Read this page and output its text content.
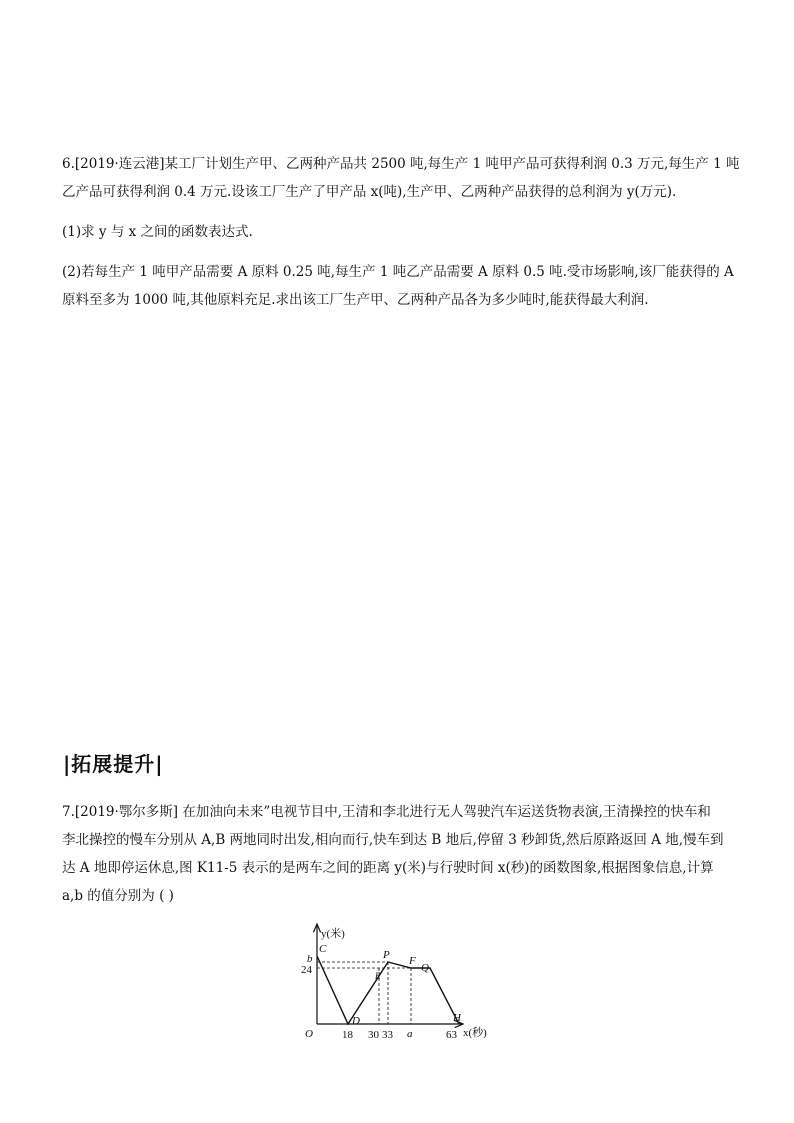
6.[2019·连云港]某工厂计划生产甲、乙两种产品共 2500 吨,每生产 1 吨甲产品可获得利润 0.3 万元,每生产 1 吨
乙产品可获得利润 0.4 万元.设该工厂生产了甲产品 x(吨),生产甲、乙两种产品获得的总利润为 y(万元).
(1)求 y 与 x 之间的函数表达式.
(2)若每生产 1 吨甲产品需要 A 原料 0.25 吨,每生产 1 吨乙产品需要 A 原料 0.5 吨.受市场影响,该厂能获得的 A
原料至多为 1000 吨,其他原料充足.求出该工厂生产甲、乙两种产品各为多少吨时,能获得最大利润.
|拓展提升|
7.[2019·鄂尔多斯] 在加油向未来”电视节目中,王清和李北进行无人驾驶汽车运送货物表演,王清操控的快车和
李北操控的慢车分别从 A,B 两地同时出发,相向而行,快车到达 B 地后,停留 3 秒卸货,然后原路返回 A 地,慢车到
达 A 地即停运休息,图 K11-5 表示的是两车之间的距离 y(米)与行驶时间 x(秒)的函数图象,根据图象信息,计算
a,b 的值分别为 ( )
y(米)
x(秒)
O
b
24
18 30 33 a	63
C
D
E
P F
Q
H
